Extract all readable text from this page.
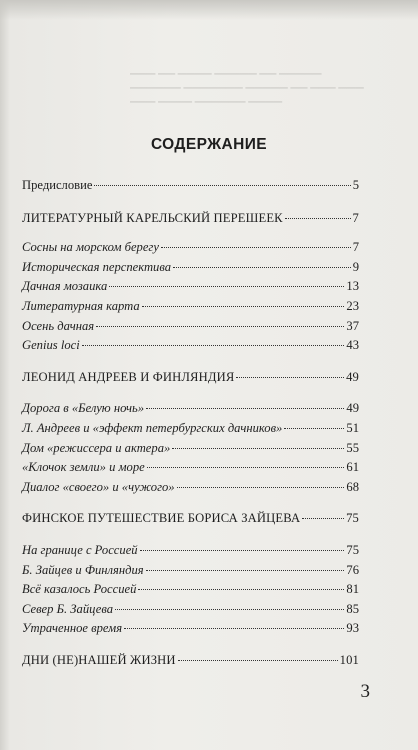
▁▁▁ ▁▁ ▁▁▁▁ ▁▁▁▁▁ ▁▁ ▁▁▁▁▁
▁▁▁▁▁▁ ▁▁▁▁▁▁▁ ▁▁▁▁▁ ▁▁ ▁▁▁ ▁▁▁
▁▁▁ ▁▁▁▁ ▁▁▁▁▁▁ ▁▁▁▁
СОДЕРЖАНИЕ
Предисловие	5
ЛИТЕРАТУРНЫЙ КАРЕЛЬСКИЙ ПЕРЕШЕЕК	7
Сосны на морском берегу	7
Историческая перспектива	9
Дачная мозаика	13
Литературная карта	23
Осень дачная	37
Genius loci	43
ЛЕОНИД АНДРЕЕВ И ФИНЛЯНДИЯ	49
Дорога в «Белую ночь»	49
Л. Андреев и «эффект петербургских дачников»	51
Дом «режиссера и актера»	55
«Клочок земли» и море	61
Диалог «своего» и «чужого»	68
ФИНСКОЕ ПУТЕШЕСТВИЕ БОРИСА ЗАЙЦЕВА	75
На границе с Россией	75
Б. Зайцев и Финляндия	76
Всё казалось Россией	81
Север Б. Зайцева	85
Утраченное время	93
ДНИ (НЕ)НАШЕЙ ЖИЗНИ	101
3
